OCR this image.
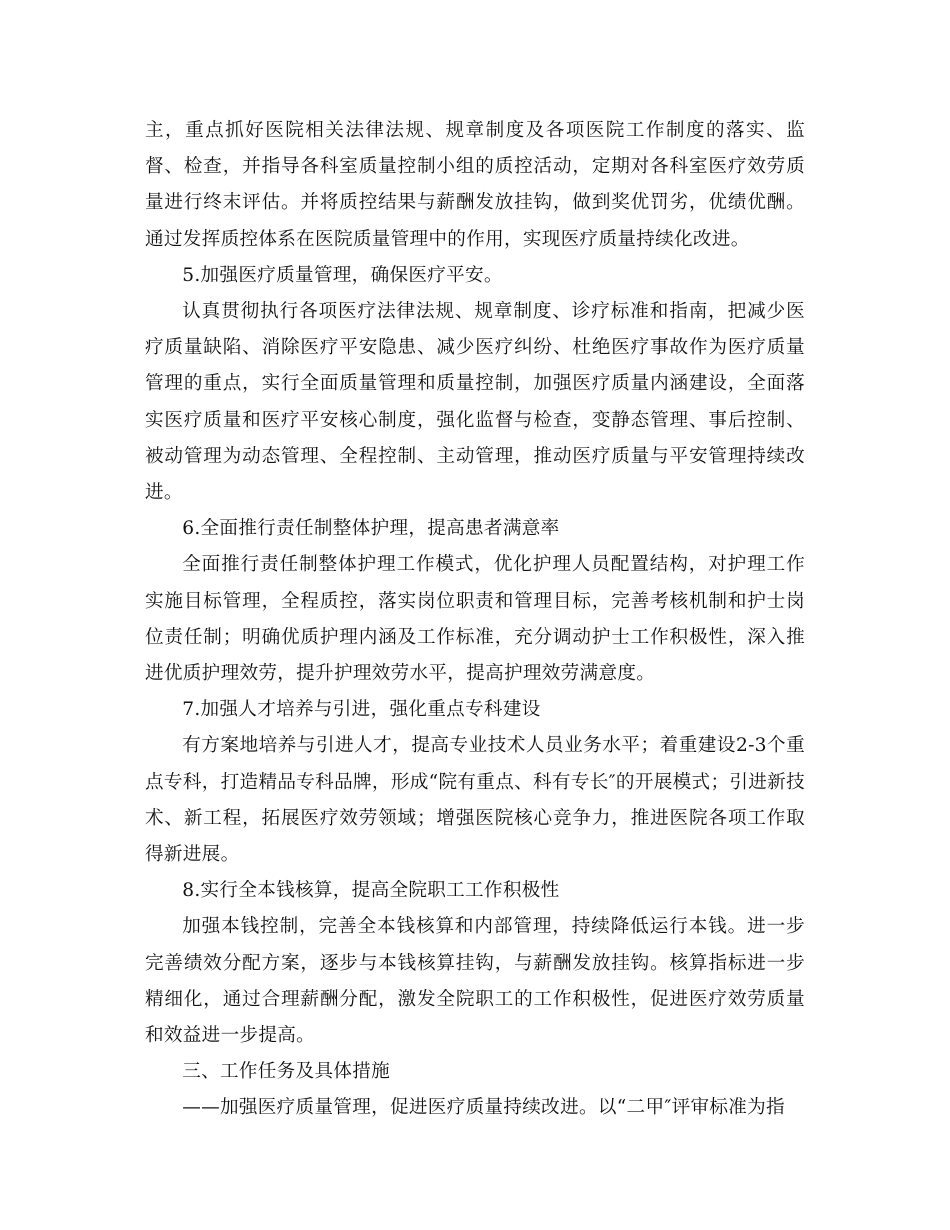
主，重点抓好医院相关法律法规、规章制度及各项医院工作制度的落实、监督、检查，并指导各科室质量控制小组的质控活动，定期对各科室医疗效劳质量进行终末评估。并将质控结果与薪酬发放挂钩，做到奖优罚劣，优绩优酬。通过发挥质控体系在医院质量管理中的作用，实现医疗质量持续化改进。

5.加强医疗质量管理，确保医疗平安。

认真贯彻执行各项医疗法律法规、规章制度、诊疗标准和指南，把减少医疗质量缺陷、消除医疗平安隐患、减少医疗纠纷、杜绝医疗事故作为医疗质量管理的重点，实行全面质量管理和质量控制，加强医疗质量内涵建设，全面落实医疗质量和医疗平安核心制度，强化监督与检查，变静态管理、事后控制、被动管理为动态管理、全程控制、主动管理，推动医疗质量与平安管理持续改进。

6.全面推行责任制整体护理，提高患者满意率

全面推行责任制整体护理工作模式，优化护理人员配置结构，对护理工作实施目标管理，全程质控，落实岗位职责和管理目标，完善考核机制和护士岗位责任制；明确优质护理内涵及工作标准，充分调动护士工作积极性，深入推进优质护理效劳，提升护理效劳水平，提高护理效劳满意度。

7.加强人才培养与引进，强化重点专科建设

有方案地培养与引进人才，提高专业技术人员业务水平；着重建设2-3个重点专科，打造精品专科品牌，形成“院有重点、科有专长″的开展模式；引进新技术、新工程，拓展医疗效劳领域；增强医院核心竞争力，推进医院各项工作取得新进展。

8.实行全本钱核算，提高全院职工工作积极性

加强本钱控制，完善全本钱核算和内部管理，持续降低运行本钱。进一步完善绩效分配方案，逐步与本钱核算挂钩，与薪酬发放挂钩。核算指标进一步精细化，通过合理薪酬分配，激发全院职工的工作积极性，促进医疗效劳质量和效益进一步提高。

三、工作任务及具体措施

——加强医疗质量管理，促进医疗质量持续改进。以“二甲″评审标准为指
